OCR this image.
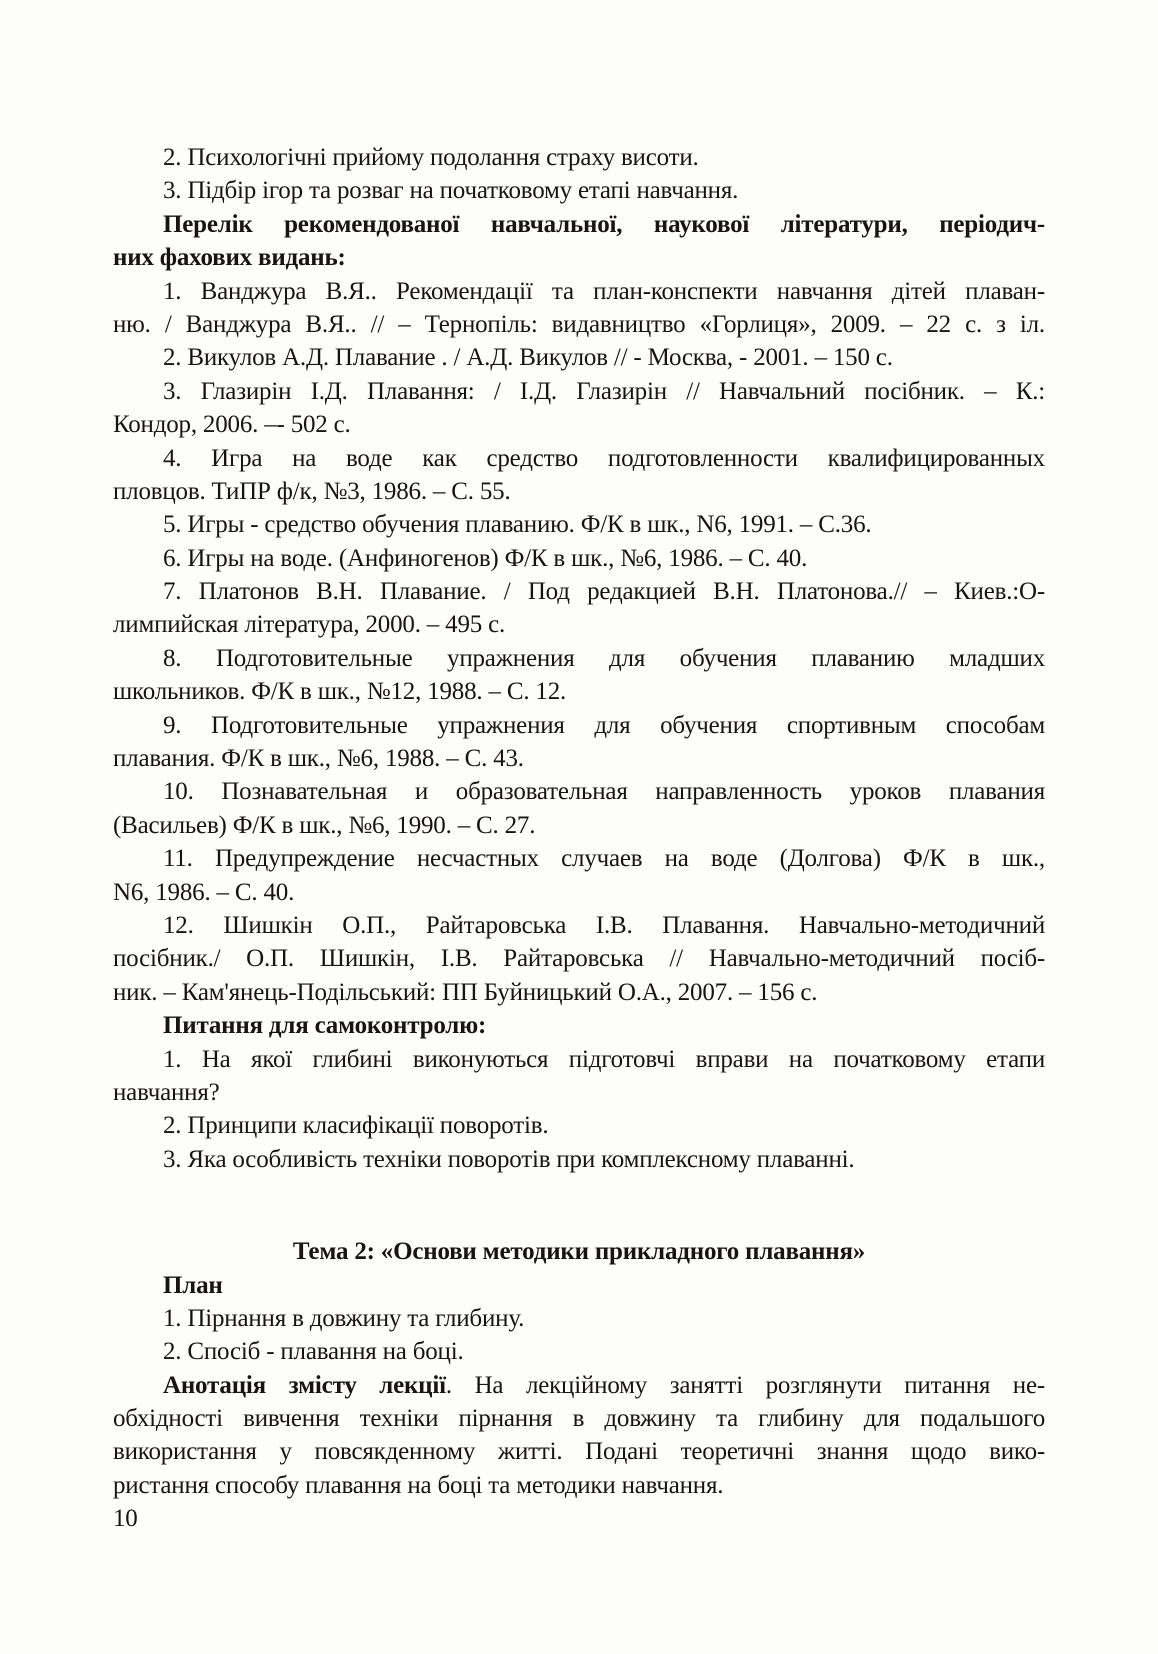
2. Психологічні прийому подолання страху висоти.
3. Підбір ігор та розваг на початковому етапі навчання.
Перелік рекомендованої навчальної, наукової літератури, періодич-
них фахових видань:
1. Ванджура В.Я.. Рекомендації та план-конспекти навчання дітей плаван-
ню. / Ванджура В.Я.. // – Тернопіль: видавництво «Горлиця», 2009. – 22 с. з іл.
2. Викулов А.Д. Плавание . / А.Д. Викулов // - Москва, - 2001. – 150 с.
3. Глазирін І.Д. Плавання: / І.Д. Глазирін // Навчальний посібник. – К.:
Кондор, 2006. –- 502 с.
4. Игра на воде как средство подготовленности квалифицированных
пловцов. ТиПР ф/к, №3, 1986. – С. 55.
5. Игры - средство обучения плаванию. Ф/К в шк., N6, 1991. – С.36.
6. Игры на воде. (Анфиногенов) Ф/К в шк., №6, 1986. – С. 40.
7. Платонов В.Н. Плавание. / Под редакцией В.Н. Платонова.// – Киев.:О-
лимпийская література, 2000. – 495 с.
8. Подготовительные упражнения для обучения плаванию младших
школьников. Ф/К в шк., №12, 1988. – С. 12.
9. Подготовительные упражнения для обучения спортивным способам
плавания. Ф/К в шк., №6, 1988. – С. 43.
10. Познавательная и образовательная направленность уроков плавания
(Васильев) Ф/К в шк., №6, 1990. – С. 27.
11. Предупреждение несчастных случаев на воде (Долгова) Ф/К в шк.,
N6, 1986. – С. 40.
12. Шишкін О.П., Райтаровська І.В. Плавання. Навчально-методичний
посібник./ О.П. Шишкін, І.В. Райтаровська // Навчально-методичний посіб-
ник. – Кам'янець-Подільський: ПП Буйницький О.А., 2007. – 156 с.
Питання для самоконтролю:
1. На якої глибині виконуються підготовчі вправи на початковому етапи
навчання?
2. Принципи класифікації поворотів.
3. Яка особливість техніки поворотів при комплексному плаванні.
Тема 2: «Основи методики прикладного плавання»
План
1. Пірнання в довжину та глибину.
2. Спосіб - плавання на боці.
Анотація змісту лекції. На лекційному занятті розглянути питання не-
обхідності вивчення техніки пірнання в довжину та глибину для подальшого
використання у повсякденному житті. Подані теоретичні знання щодо вико-
ристання способу плавання на боці та методики навчання.
10
